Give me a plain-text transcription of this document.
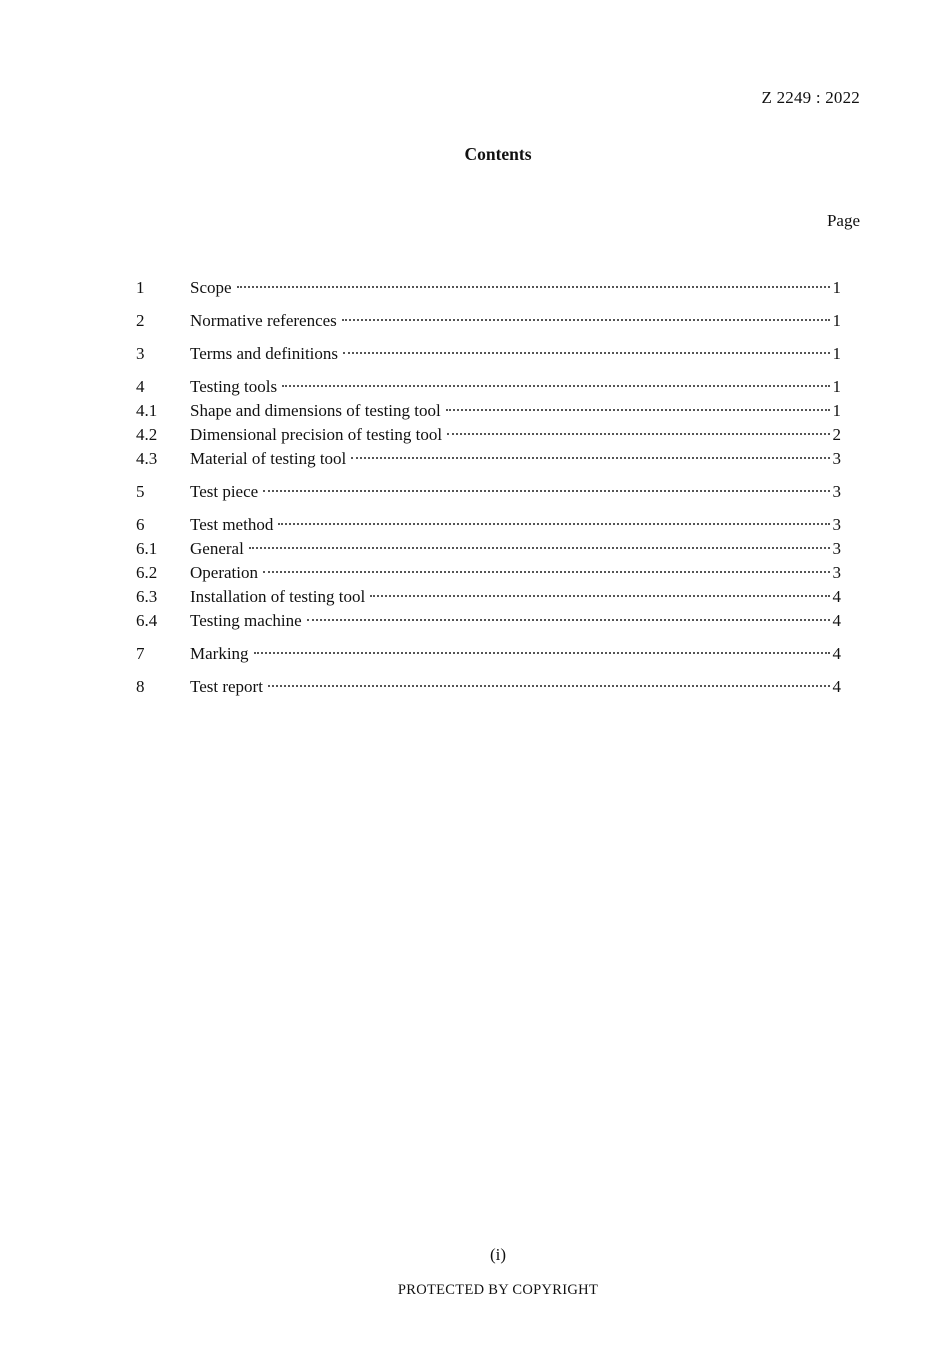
Z 2249 : 2022
Contents
Page
1	Scope	1
2	Normative references	1
3	Terms and definitions	1
4	Testing tools	1
4.1	Shape and dimensions of testing tool	1
4.2	Dimensional precision of testing tool	2
4.3	Material of testing tool	3
5	Test piece	3
6	Test method	3
6.1	General	3
6.2	Operation	3
6.3	Installation of testing tool	4
6.4	Testing machine	4
7	Marking	4
8	Test report	4
(i)
PROTECTED BY COPYRIGHT
